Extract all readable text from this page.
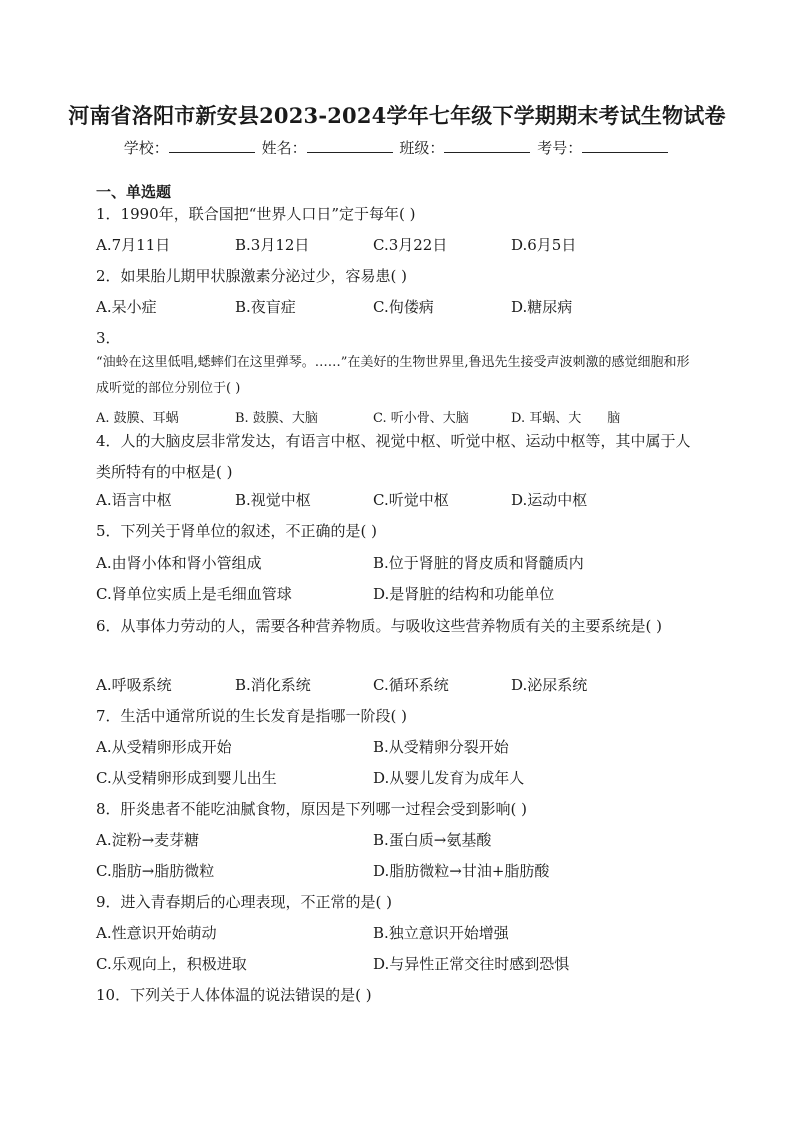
河南省洛阳市新安县2023-2024学年七年级下学期期末考试生物试卷
学校：	姓名：	班级：	考号：
一、单选题
1．1990年，联合国把“世界人口日”定于每年( )
A.7月11日	B.3月12日	C.3月22日	D.6月5日
2．如果胎儿期甲状腺激素分泌过少，容易患( )
A.呆小症	B.夜盲症	C.佝偻病	D.糖尿病
3．
“油蛉在这里低唱,蟋蟀们在这里弹琴。……”在美好的生物世界里,鲁迅先生接受声波刺激的感觉细胞和形成听觉的部位分别位于( )
A. 鼓膜、耳蜗	B. 鼓膜、大脑	C. 听小骨、大脑	D. 耳蜗、大　　脑
4．人的大脑皮层非常发达，有语言中枢、视觉中枢、听觉中枢、运动中枢等，其中属于人类所特有的中枢是( )
A.语言中枢	B.视觉中枢	C.听觉中枢	D.运动中枢
5．下列关于肾单位的叙述，不正确的是( )
A.由肾小体和肾小管组成	B.位于肾脏的肾皮质和肾髓质内
C.肾单位实质上是毛细血管球	D.是肾脏的结构和功能单位
6．从事体力劳动的人，需要各种营养物质。与吸收这些营养物质有关的主要系统是( )
A.呼吸系统	B.消化系统	C.循环系统	D.泌尿系统
7．生活中通常所说的生长发育是指哪一阶段( )
A.从受精卵形成开始	B.从受精卵分裂开始
C.从受精卵形成到婴儿出生	D.从婴儿发育为成年人
8．肝炎患者不能吃油腻食物，原因是下列哪一过程会受到影响( )
A.淀粉→麦芽糖	B.蛋白质→氨基酸
C.脂肪→脂肪微粒	D.脂肪微粒→甘油+脂肪酸
9．进入青春期后的心理表现，不正常的是( )
A.性意识开始萌动	B.独立意识开始增强
C.乐观向上，积极进取	D.与异性正常交往时感到恐惧
10．下列关于人体体温的说法错误的是( )
